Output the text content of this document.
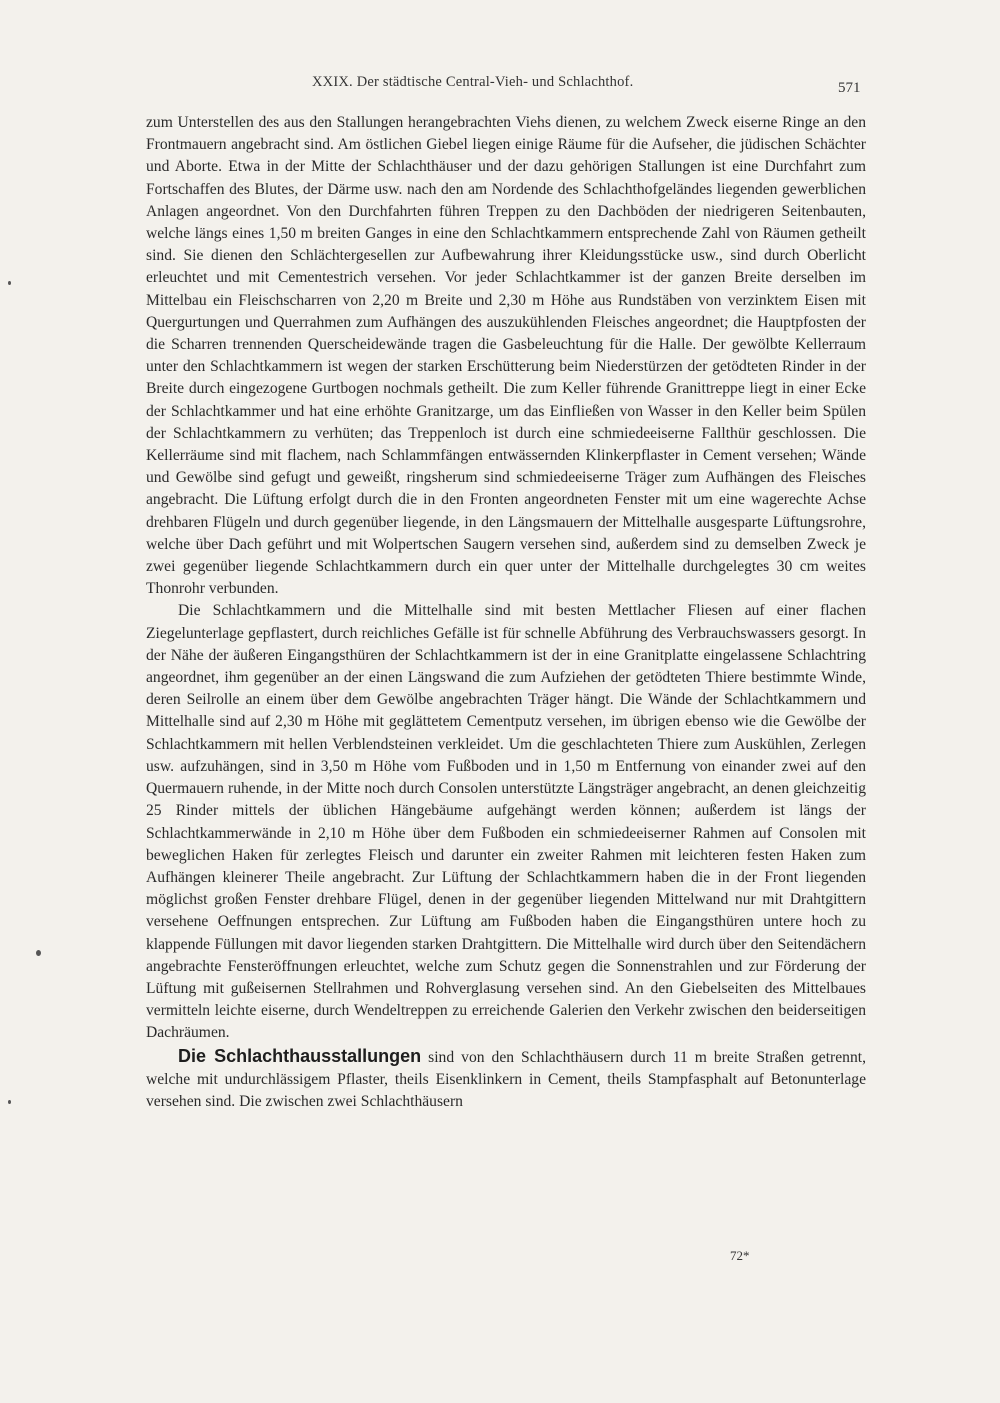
XXIX. Der städtische Central-Vieh- und Schlachthof.	571

zum Unterstellen des aus den Stallungen herangebrachten Viehs dienen, zu welchem Zweck eiserne Ringe an den Frontmauern angebracht sind. Am östlichen Giebel liegen einige Räume für die Aufseher, die jüdischen Schächter und Aborte. Etwa in der Mitte der Schlachthäuser und der dazu gehörigen Stallungen ist eine Durchfahrt zum Fortschaffen des Blutes, der Därme usw. nach den am Nordende des Schlachthofgeländes liegenden gewerblichen Anlagen angeordnet. Von den Durchfahrten führen Treppen zu den Dachböden der niedrigeren Seitenbauten, welche längs eines 1,50 m breiten Ganges in eine den Schlachtkammern entsprechende Zahl von Räumen getheilt sind. Sie dienen den Schlächtergesellen zur Aufbewahrung ihrer Kleidungsstücke usw., sind durch Oberlicht erleuchtet und mit Cementestrich versehen. Vor jeder Schlachtkammer ist der ganzen Breite derselben im Mittelbau ein Fleischscharren von 2,20 m Breite und 2,30 m Höhe aus Rundstäben von verzinktem Eisen mit Quergurtungen und Querrahmen zum Aufhängen des auszukühlenden Fleisches angeordnet; die Hauptpfosten der die Scharren trennenden Querscheidewände tragen die Gasbeleuchtung für die Halle. Der gewölbte Kellerraum unter den Schlachtkammern ist wegen der starken Erschütterung beim Niederstürzen der getödteten Rinder in der Breite durch eingezogene Gurtbogen nochmals getheilt. Die zum Keller führende Granittreppe liegt in einer Ecke der Schlachtkammer und hat eine erhöhte Granitzarge, um das Einfließen von Wasser in den Keller beim Spülen der Schlachtkammern zu verhüten; das Treppenloch ist durch eine schmiedeeiserne Fallthür geschlossen. Die Kellerräume sind mit flachem, nach Schlammfängen entwässernden Klinkerpflaster in Cement versehen; Wände und Gewölbe sind gefugt und geweißt, ringsherum sind schmiedeeiserne Träger zum Aufhängen des Fleisches angebracht. Die Lüftung erfolgt durch die in den Fronten angeordneten Fenster mit um eine wagerechte Achse drehbaren Flügeln und durch gegenüber liegende, in den Längsmauern der Mittelhalle ausgesparte Lüftungsrohre, welche über Dach geführt und mit Wolpertschen Saugern versehen sind, außerdem sind zu demselben Zweck je zwei gegenüber liegende Schlachtkammern durch ein quer unter der Mittelhalle durchgelegtes 30 cm weites Thonrohr verbunden.

Die Schlachtkammern und die Mittelhalle sind mit besten Mettlacher Fliesen auf einer flachen Ziegelunterlage gepflastert, durch reichliches Gefälle ist für schnelle Abführung des Verbrauchswassers gesorgt. In der Nähe der äußeren Eingangsthüren der Schlachtkammern ist der in eine Granitplatte eingelassene Schlachtring angeordnet, ihm gegenüber an der einen Längswand die zum Aufziehen der getödteten Thiere bestimmte Winde, deren Seilrolle an einem über dem Gewölbe angebrachten Träger hängt. Die Wände der Schlachtkammern und Mittelhalle sind auf 2,30 m Höhe mit geglättetem Cementputz versehen, im übrigen ebenso wie die Gewölbe der Schlachtkammern mit hellen Verblendsteinen verkleidet. Um die geschlachteten Thiere zum Auskühlen, Zerlegen usw. aufzuhängen, sind in 3,50 m Höhe vom Fußboden und in 1,50 m Entfernung von einander zwei auf den Quermauern ruhende, in der Mitte noch durch Consolen unterstützte Längsträger angebracht, an denen gleichzeitig 25 Rinder mittels der üblichen Hängebäume aufgehängt werden können; außerdem ist längs der Schlachtkammerwände in 2,10 m Höhe über dem Fußboden ein schmiedeeiserner Rahmen auf Consolen mit beweglichen Haken für zerlegtes Fleisch und darunter ein zweiter Rahmen mit leichteren festen Haken zum Aufhängen kleinerer Theile angebracht. Zur Lüftung der Schlachtkammern haben die in der Front liegenden möglichst großen Fenster drehbare Flügel, denen in der gegenüber liegenden Mittelwand nur mit Drahtgittern versehene Oeffnungen entsprechen. Zur Lüftung am Fußboden haben die Eingangsthüren untere hoch zu klappende Füllungen mit davor liegenden starken Drahtgittern. Die Mittelhalle wird durch über den Seitendächern angebrachte Fensteröffnungen erleuchtet, welche zum Schutz gegen die Sonnenstrahlen und zur Förderung der Lüftung mit gußeisernen Stellrahmen und Rohverglasung versehen sind. An den Giebelseiten des Mittelbaues vermitteln leichte eiserne, durch Wendeltreppen zu erreichende Galerien den Verkehr zwischen den beiderseitigen Dachräumen.

Die Schlachthausstallungen sind von den Schlachthäusern durch 11 m breite Straßen getrennt, welche mit undurchlässigem Pflaster, theils Eisenklinkern in Cement, theils Stampfasphalt auf Betonunterlage versehen sind. Die zwischen zwei Schlachthäusern

72*
